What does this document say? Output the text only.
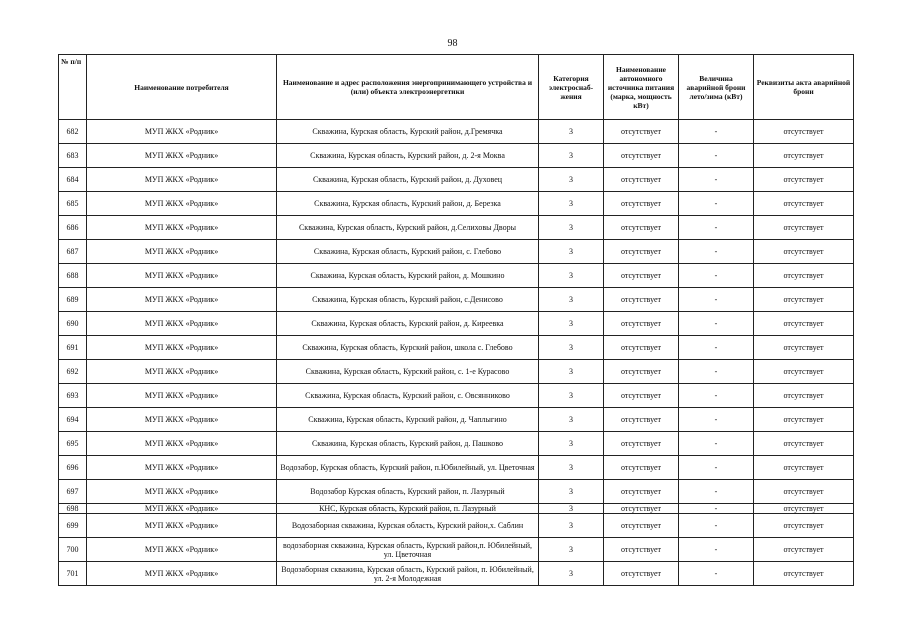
98
№ п/п	Наименование потребителя	Наименование и адрес расположения энергопринимающего устройства и (или) объекта электроэнергетики	Категория электроснаб-жения	Наименование автономного источника питания (марка, мощность кВт)	Величина аварийной брони лето/зима (кВт)	Реквизиты акта аварийной брони
682	МУП ЖКХ «Родник»	Скважина, Курская область, Курский район, д.Гремячка	3	отсутствует	-	отсутствует
683	МУП ЖКХ «Родник»	Скважина, Курская область, Курский район, д. 2-я Моква	3	отсутствует	-	отсутствует
684	МУП ЖКХ «Родник»	Скважина, Курская область, Курский район, д. Духовец	3	отсутствует	-	отсутствует
685	МУП ЖКХ «Родник»	Скважина, Курская область, Курский район, д. Березка	3	отсутствует	-	отсутствует
686	МУП ЖКХ «Родник»	Скважина, Курская область, Курский район, д.Селиховы Дворы	3	отсутствует	-	отсутствует
687	МУП ЖКХ «Родник»	Скважина, Курская область, Курский район, с. Глебово	3	отсутствует	-	отсутствует
688	МУП ЖКХ «Родник»	Скважина, Курская область, Курский район, д. Мошкино	3	отсутствует	-	отсутствует
689	МУП ЖКХ «Родник»	Скважина, Курская область, Курский район, с.Денисово	3	отсутствует	-	отсутствует
690	МУП ЖКХ «Родник»	Скважина, Курская область, Курский район, д. Киреевка	3	отсутствует	-	отсутствует
691	МУП ЖКХ «Родник»	Скважина, Курская область, Курский район, школа с. Глебово	3	отсутствует	-	отсутствует
692	МУП ЖКХ «Родник»	Скважина, Курская область, Курский район, с. 1-е Курасово	3	отсутствует	-	отсутствует
693	МУП ЖКХ «Родник»	Скважина, Курская область, Курский район, с. Овсянниково	3	отсутствует	-	отсутствует
694	МУП ЖКХ «Родник»	Скважина, Курская область, Курский район, д. Чаплыгино	3	отсутствует	-	отсутствует
695	МУП ЖКХ «Родник»	Скважина, Курская область, Курский район, д. Пашково	3	отсутствует	-	отсутствует
696	МУП ЖКХ «Родник»	Водозабор, Курская область, Курский район, п.Юбилейный, ул. Цветочная	3	отсутствует	-	отсутствует
697	МУП ЖКХ «Родник»	Водозабор Курская область, Курский район, п. Лазурный	3	отсутствует	-	отсутствует
698	МУП ЖКХ «Родник»	КНС, Курская область, Курский район, п. Лазурный	3	отсутствует	-	отсутствует
699	МУП ЖКХ «Родник»	Водозаборная скважина, Курская область, Курский район,х. Саблин	3	отсутствует	-	отсутствует
700	МУП ЖКХ «Родник»	водозаборная скважина, Курская область, Курский район,п. Юбилейный, ул. Цветочная	3	отсутствует	-	отсутствует
701	МУП ЖКХ «Родник»	Водозаборная скважина, Курская область, Курский район, п. Юбилейный, ул. 2-я Молодежная	3	отсутствует	-	отсутствует
